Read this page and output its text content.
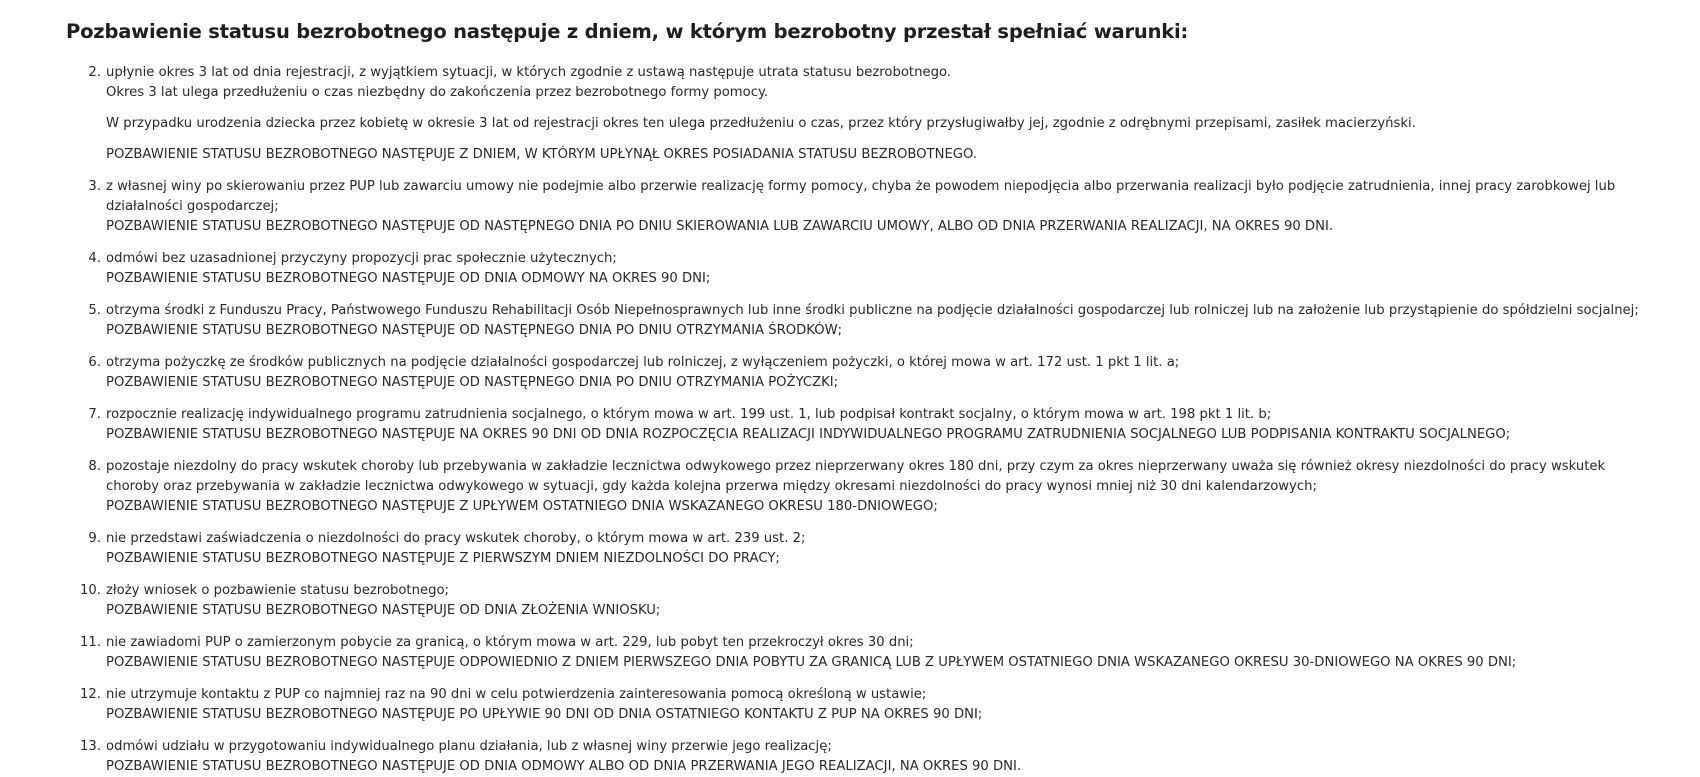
Pozbawienie statusu bezrobotnego następuje z dniem, w którym bezrobotny przestał spełniać warunki:
2. upłynie okres 3 lat od dnia rejestracji, z wyjątkiem sytuacji, w których zgodnie z ustawą następuje utrata statusu bezrobotnego.
Okres 3 lat ulega przedłużeniu o czas niezbędny do zakończenia przez bezrobotnego formy pomocy.
W przypadku urodzenia dziecka przez kobietę w okresie 3 lat od rejestracji okres ten ulega przedłużeniu o czas, przez który przysługiwałby jej, zgodnie z odrębnymi przepisami, zasiłek macierzyński.
POZBAWIENIE STATUSU BEZROBOTNEGO NASTĘPUJE Z DNIEM, W KTÓRYM UPŁYNĄŁ OKRES POSIADANIA STATUSU BEZROBOTNEGO.
3. z własnej winy po skierowaniu przez PUP lub zawarciu umowy nie podejmie albo przerwie realizację formy pomocy, chyba że powodem niepodjęcia albo przerwania realizacji było podjęcie zatrudnienia, innej pracy zarobkowej lub działalności gospodarczej;
POZBAWIENIE STATUSU BEZROBOTNEGO NASTĘPUJE OD NASTĘPNEGO DNIA PO DNIU SKIEROWANIA LUB ZAWARCIU UMOWY, ALBO OD DNIA PRZERWANIA REALIZACJI, NA OKRES 90 DNI.
4. odmówi bez uzasadnionej przyczyny propozycji prac społecznie użytecznych;
POZBAWIENIE STATUSU BEZROBOTNEGO NASTĘPUJE OD DNIA ODMOWY NA OKRES 90 DNI;
5. otrzyma środki z Funduszu Pracy, Państwowego Funduszu Rehabilitacji Osób Niepełnosprawnych lub inne środki publiczne na podjęcie działalności gospodarczej lub rolniczej lub na założenie lub przystąpienie do spółdzielni socjalnej;
POZBAWIENIE STATUSU BEZROBOTNEGO NASTĘPUJE OD NASTĘPNEGO DNIA PO DNIU OTRZYMANIA ŚRODKÓW;
6. otrzyma pożyczkę ze środków publicznych na podjęcie działalności gospodarczej lub rolniczej, z wyłączeniem pożyczki, o której mowa w art. 172 ust. 1 pkt 1 lit. a;
POZBAWIENIE STATUSU BEZROBOTNEGO NASTĘPUJE OD NASTĘPNEGO DNIA PO DNIU OTRZYMANIA POŻYCZKI;
7. rozpocznie realizację indywidualnego programu zatrudnienia socjalnego, o którym mowa w art. 199 ust. 1, lub podpisał kontrakt socjalny, o którym mowa w art. 198 pkt 1 lit. b;
POZBAWIENIE STATUSU BEZROBOTNEGO NASTĘPUJE NA OKRES 90 DNI OD DNIA ROZPOCZĘCIA REALIZACJI INDYWIDUALNEGO PROGRAMU ZATRUDNIENIA SOCJALNEGO LUB PODPISANIA KONTRAKTU SOCJALNEGO;
8. pozostaje niezdolny do pracy wskutek choroby lub przebywania w zakładzie lecznictwa odwykowego przez nieprzerwany okres 180 dni, przy czym za okres nieprzerwany uważa się również okresy niezdolności do pracy wskutek choroby oraz przebywania w zakładzie lecznictwa odwykowego w sytuacji, gdy każda kolejna przerwa między okresami niezdolności do pracy wynosi mniej niż 30 dni kalendarzowych;
POZBAWIENIE STATUSU BEZROBOTNEGO NASTĘPUJE Z UPŁYWEM OSTATNIEGO DNIA WSKAZANEGO OKRESU 180-DNIOWEGO;
9. nie przedstawi zaświadczenia o niezdolności do pracy wskutek choroby, o którym mowa w art. 239 ust. 2;
POZBAWIENIE STATUSU BEZROBOTNEGO NASTĘPUJE Z PIERWSZYM DNIEM NIEZDOLNOŚCI DO PRACY;
10. złoży wniosek o pozbawienie statusu bezrobotnego;
POZBAWIENIE STATUSU BEZROBOTNEGO NASTĘPUJE OD DNIA ZŁOŻENIA WNIOSKU;
11. nie zawiadomi PUP o zamierzonym pobycie za granicą, o którym mowa w art. 229, lub pobyt ten przekroczył okres 30 dni;
POZBAWIENIE STATUSU BEZROBOTNEGO NASTĘPUJE ODPOWIEDNIO Z DNIEM PIERWSZEGO DNIA POBYTU ZA GRANICĄ LUB Z UPŁYWEM OSTATNIEGO DNIA WSKAZANEGO OKRESU 30-DNIOWEGO NA OKRES 90 DNI;
12. nie utrzymuje kontaktu z PUP co najmniej raz na 90 dni w celu potwierdzenia zainteresowania pomocą określoną w ustawie;
POZBAWIENIE STATUSU BEZROBOTNEGO NASTĘPUJE PO UPŁYWIE 90 DNI OD DNIA OSTATNIEGO KONTAKTU Z PUP NA OKRES 90 DNI;
13. odmówi udziału w przygotowaniu indywidualnego planu działania, lub z własnej winy przerwie jego realizację;
POZBAWIENIE STATUSU BEZROBOTNEGO NASTĘPUJE OD DNIA ODMOWY ALBO OD DNIA PRZERWANIA JEGO REALIZACJI, NA OKRES 90 DNI.
